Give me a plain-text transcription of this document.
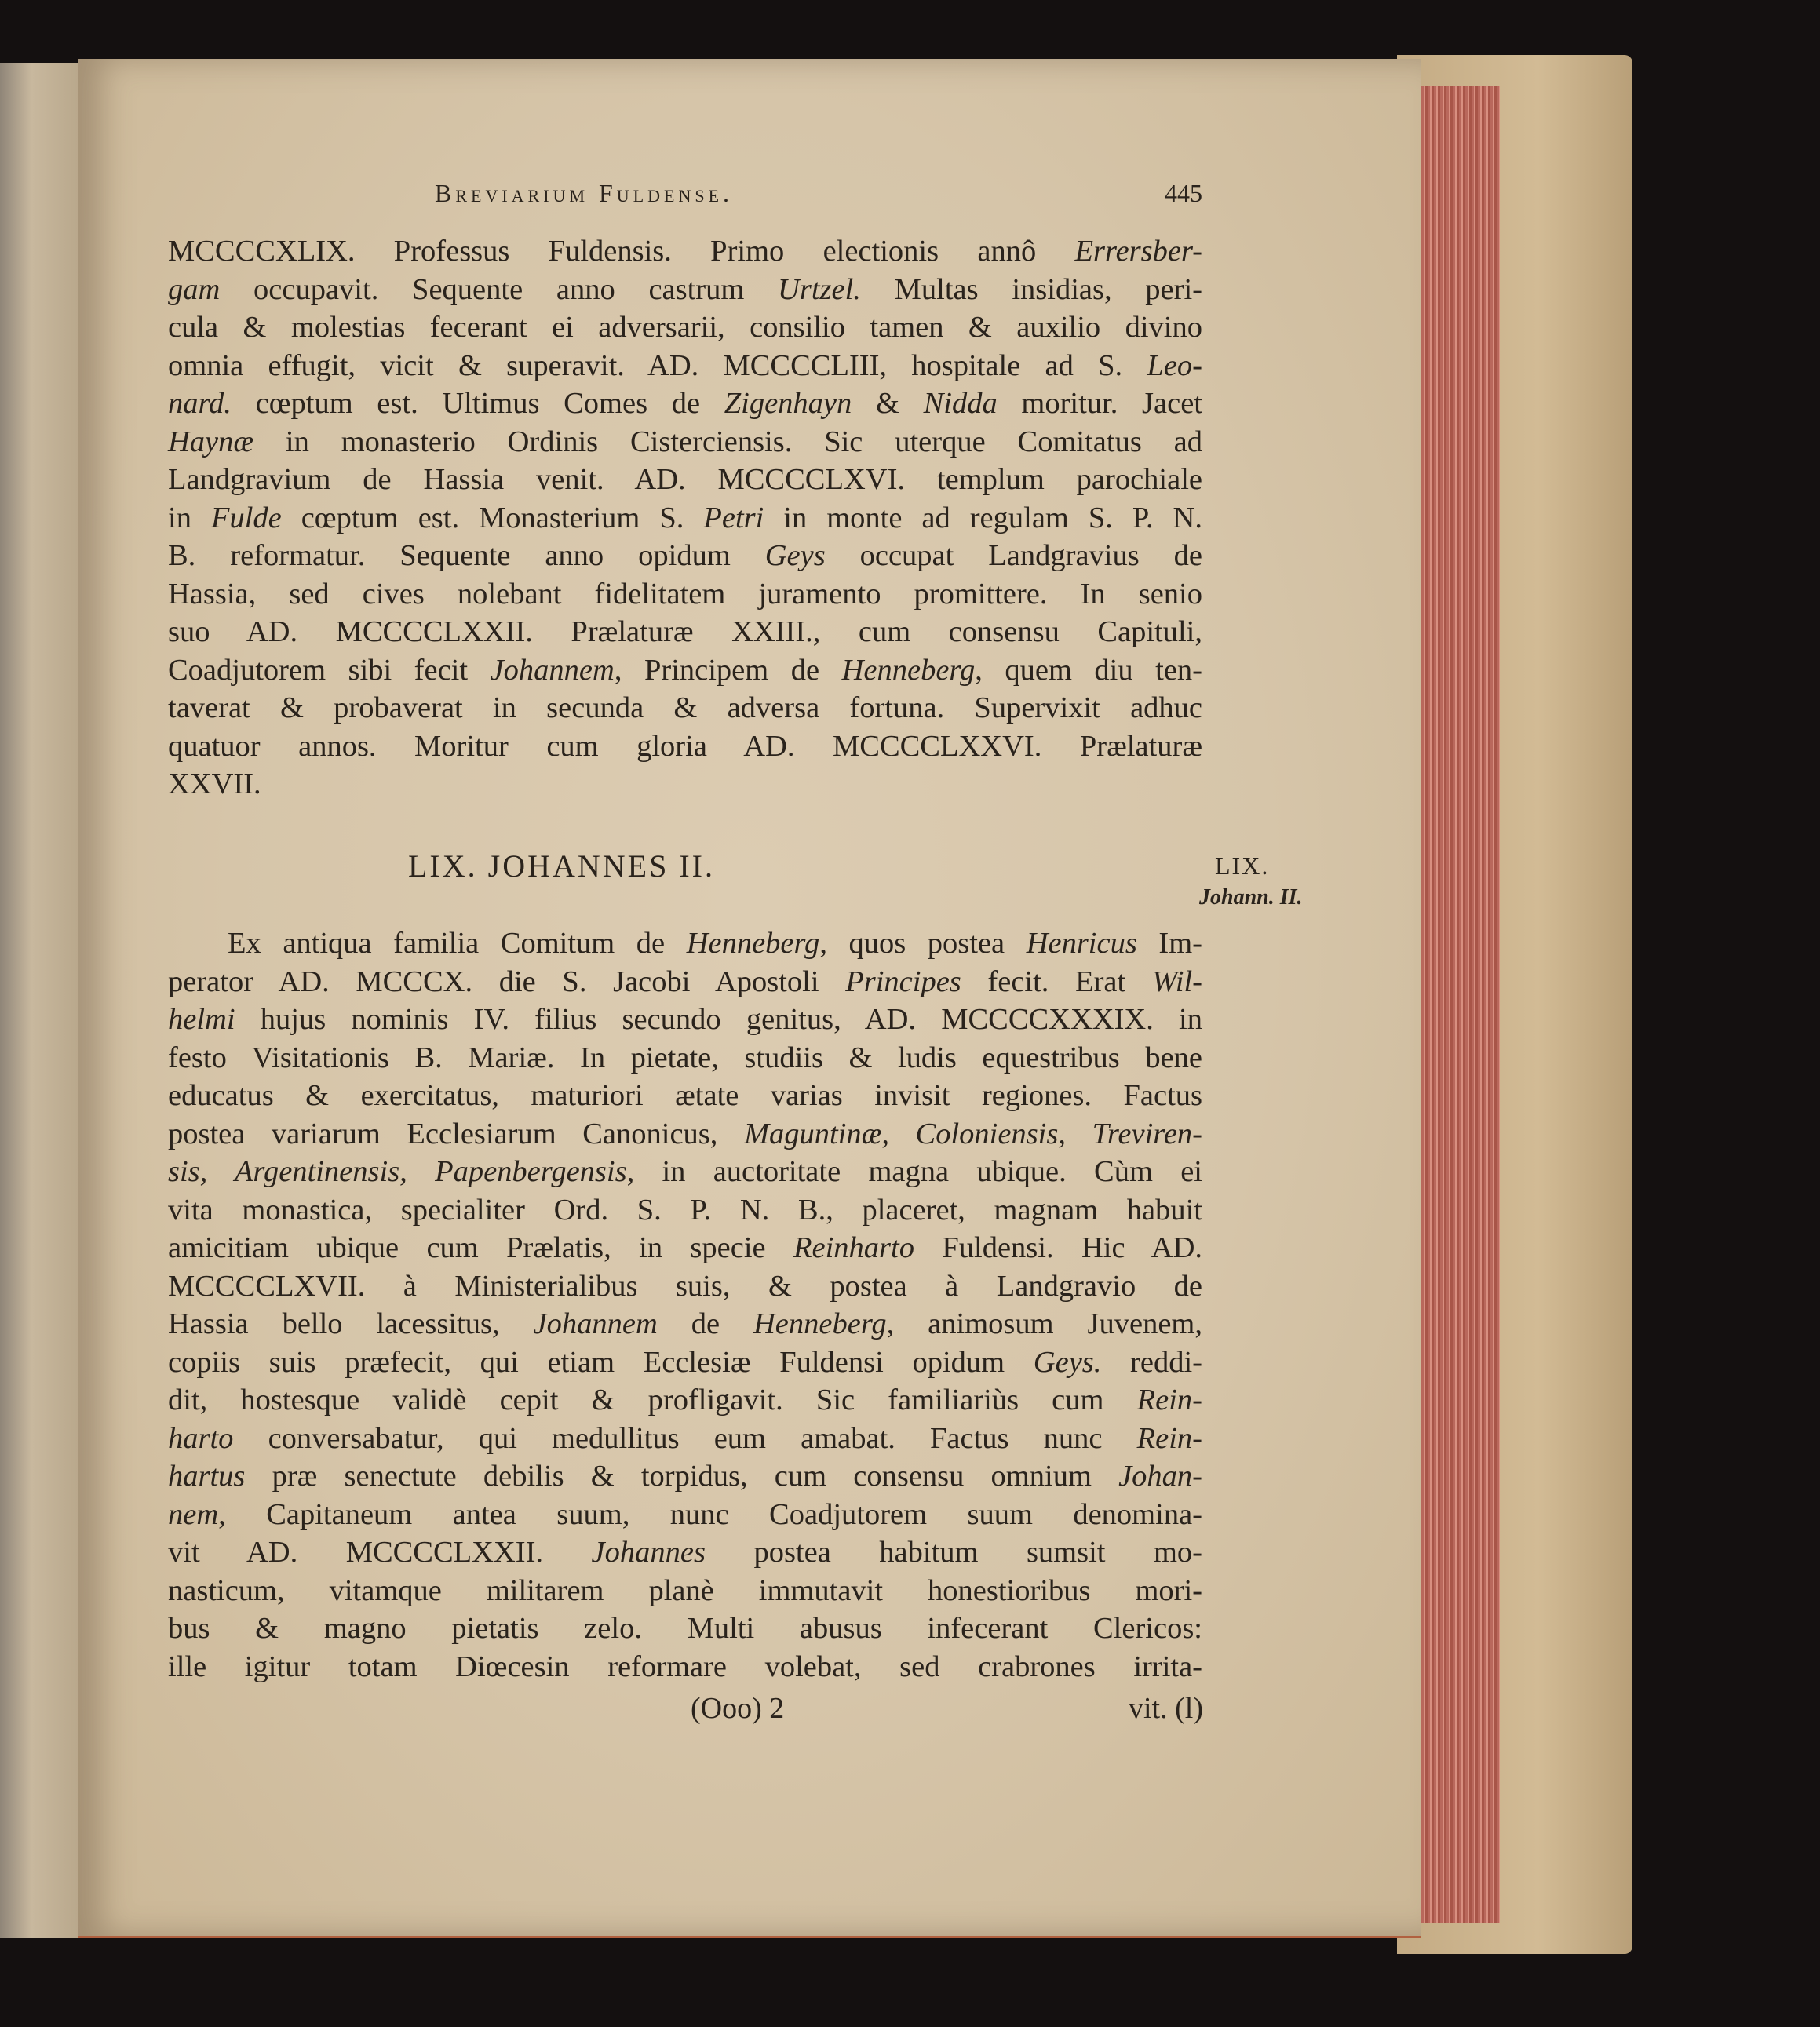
Breviarium Fuldense.	445
MCCCCXLIX. Professus Fuldensis. Primo electionis annô Errersber-
gam occupavit. Sequente anno castrum Urtzel. Multas insidias, peri-
cula & molestias fecerant ei adversarii, consilio tamen & auxilio divino
omnia effugit, vicit & superavit. AD. MCCCCLIII, hospitale ad S. Leo-
nard. cœptum est. Ultimus Comes de Zigenhayn & Nidda moritur. Jacet
Haynæ in monasterio Ordinis Cisterciensis. Sic uterque Comitatus ad
Landgravium de Hassia venit. AD. MCCCCLXVI. templum parochiale
in Fulde cœptum est. Monasterium S. Petri in monte ad regulam S. P. N.
B. reformatur. Sequente anno opidum Geys occupat Landgravius de
Hassia, sed cives nolebant fidelitatem juramento promittere. In senio
suo AD. MCCCCLXXII. Prælaturæ XXIII., cum consensu Capituli,
Coadjutorem sibi fecit Johannem, Principem de Henneberg, quem diu ten-
taverat & probaverat in secunda & adversa fortuna. Supervixit adhuc
quatuor annos. Moritur cum gloria AD. MCCCCLXXVI. Prælaturæ
XXVII.
LIX. JOHANNES II.	LIX.
Johann. II.
Ex antiqua familia Comitum de Henneberg, quos postea Henricus Im-
perator AD. MCCCX. die S. Jacobi Apostoli Principes fecit. Erat Wil-
helmi hujus nominis IV. filius secundo genitus, AD. MCCCCXXXIX. in
festo Visitationis B. Mariæ. In pietate, studiis & ludis equestribus bene
educatus & exercitatus, maturiori ætate varias invisit regiones. Factus
postea variarum Ecclesiarum Canonicus, Maguntinæ, Coloniensis, Treviren-
sis, Argentinensis, Papenbergensis, in auctoritate magna ubique. Cùm ei
vita monastica, specialiter Ord. S. P. N. B., placeret, magnam habuit
amicitiam ubique cum Prælatis, in specie Reinharto Fuldensi. Hic AD.
MCCCCLXVII. à Ministerialibus suis, & postea à Landgravio de
Hassia bello lacessitus, Johannem de Henneberg, animosum Juvenem,
copiis suis præfecit, qui etiam Ecclesiæ Fuldensi opidum Geys. reddi-
dit, hostesque validè cepit & profligavit. Sic familiariùs cum Rein-
harto conversabatur, qui medullitus eum amabat. Factus nunc Rein-
hartus præ senectute debilis & torpidus, cum consensu omnium Johan-
nem, Capitaneum antea suum, nunc Coadjutorem suum denomina-
vit AD. MCCCCLXXII. Johannes postea habitum sumsit mo-
nasticum, vitamque militarem planè immutavit honestioribus mori-
bus & magno pietatis zelo. Multi abusus infecerant Clericos:
ille igitur totam Diœcesin reformare volebat, sed crabrones irrita-
(Ooo) 2	vit. (l)
